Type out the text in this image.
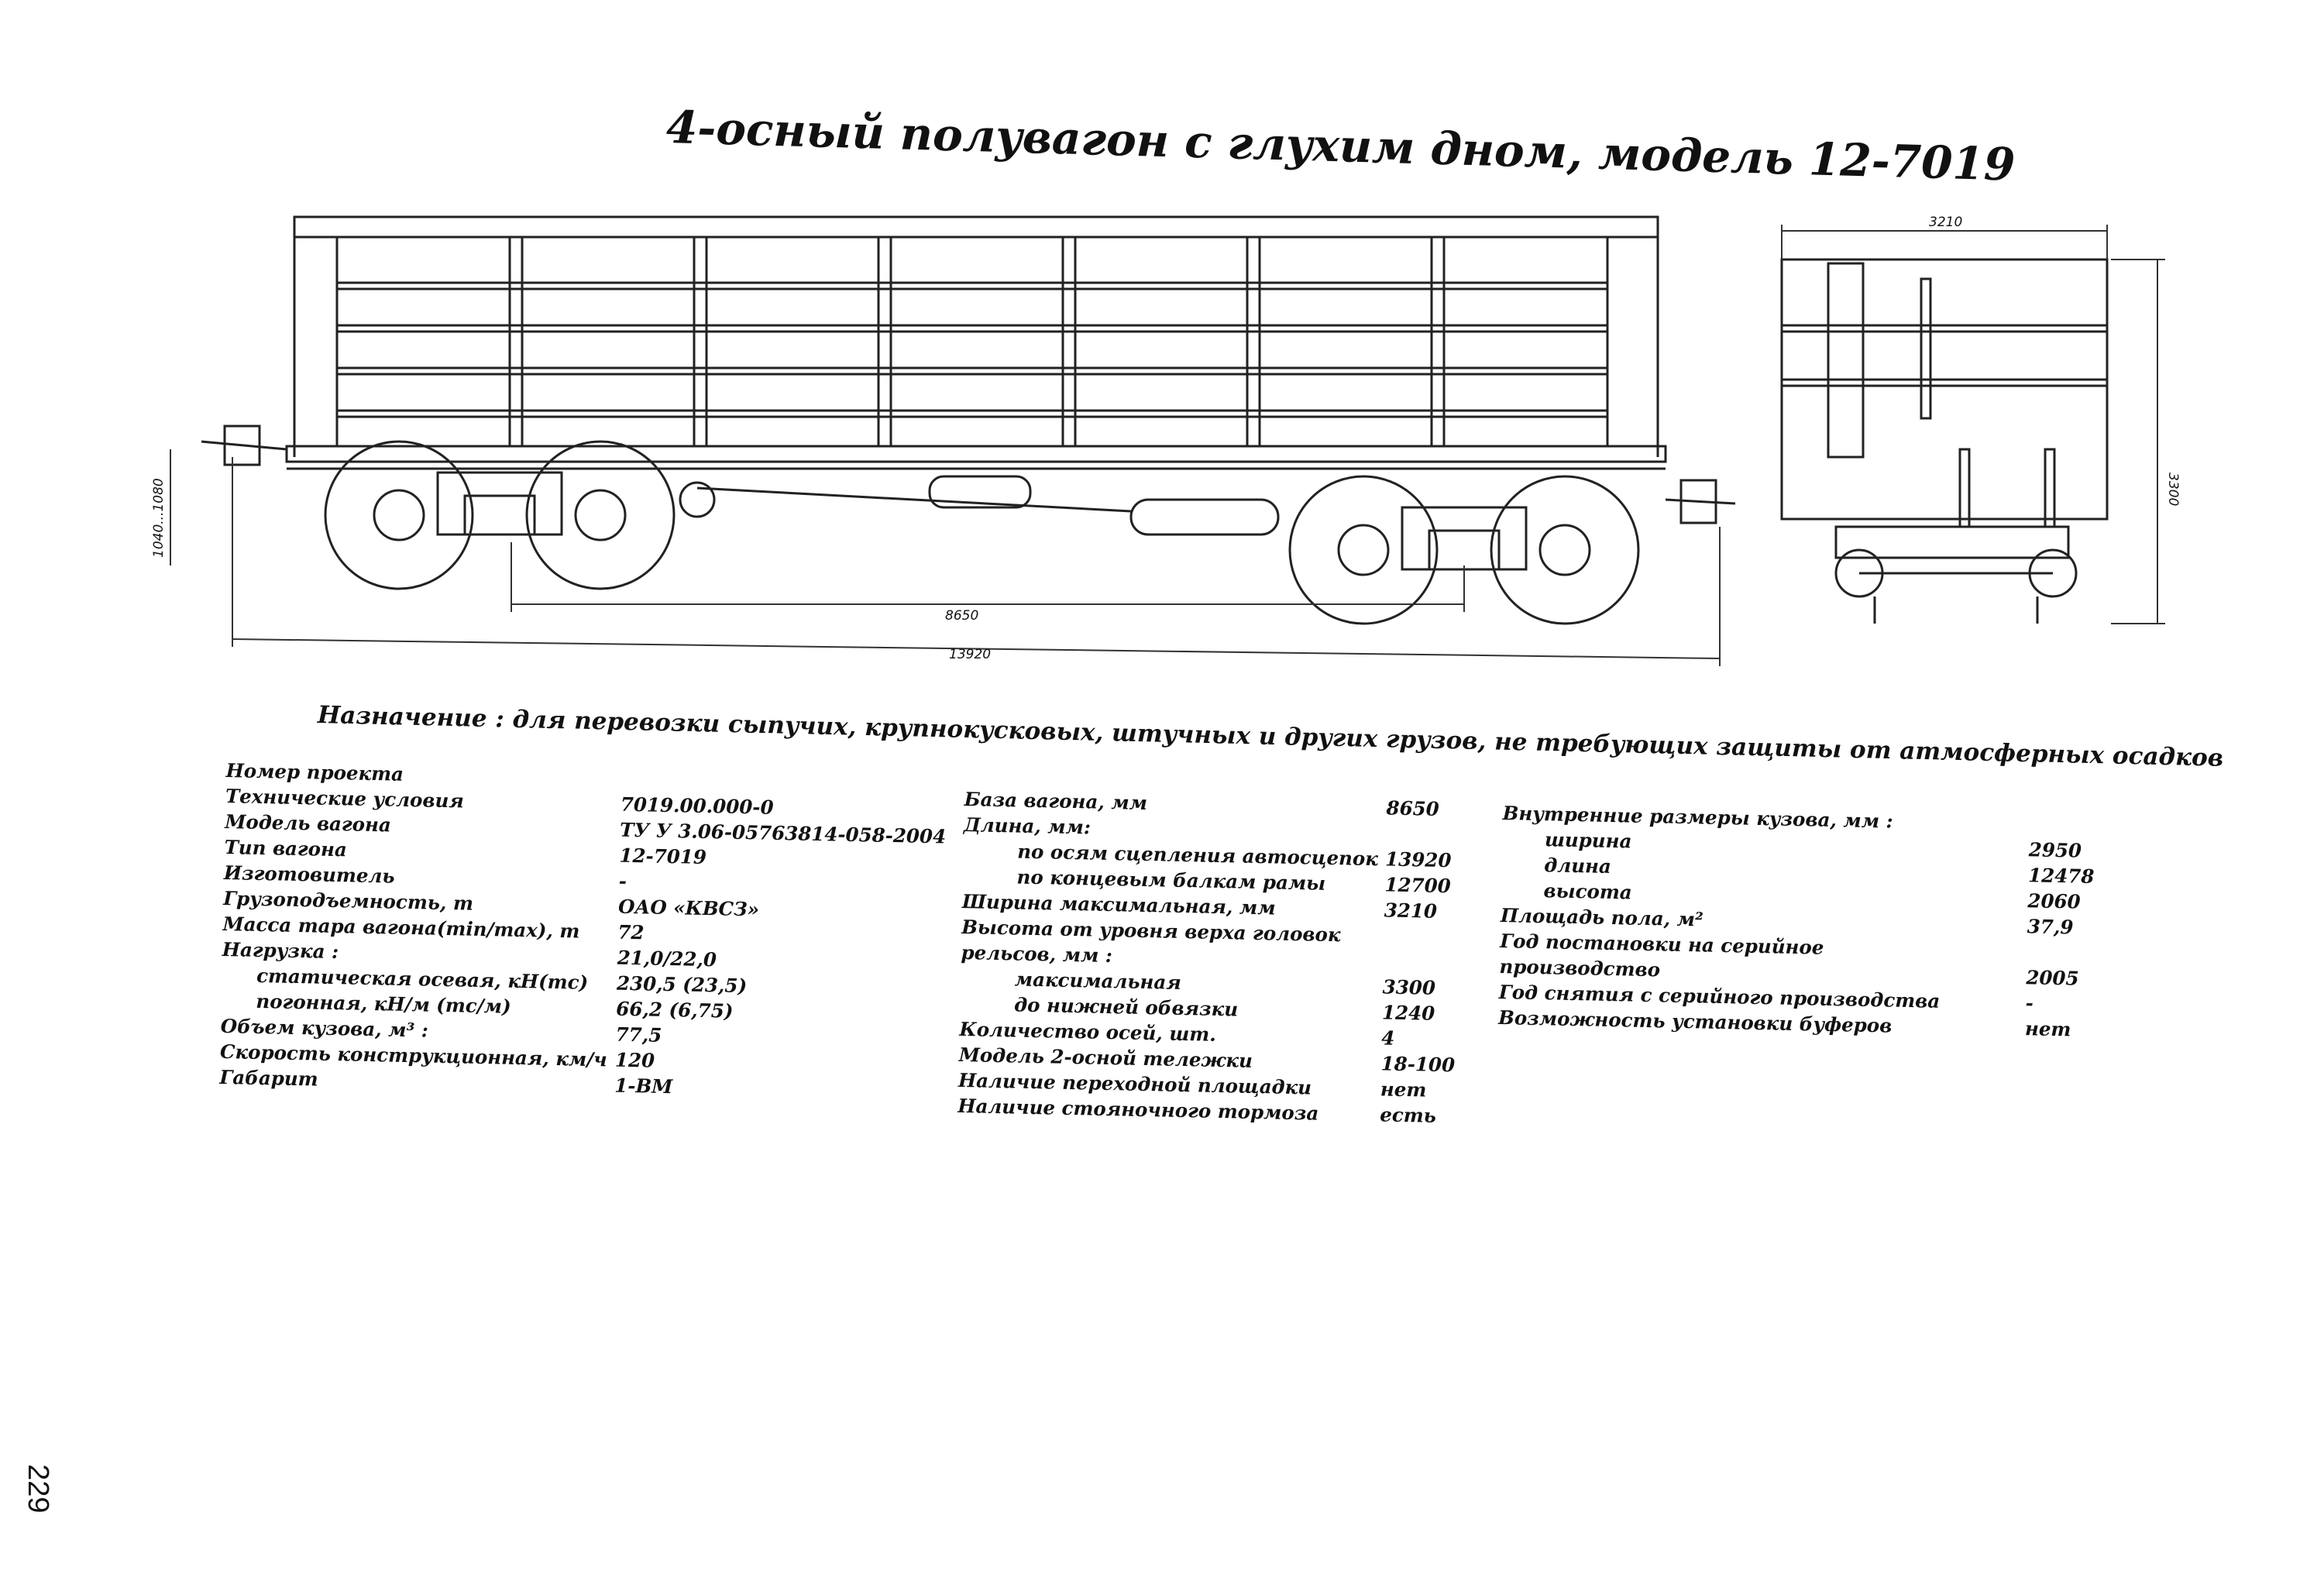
4-осный полувагон с глухим дном, модель 12-7019
8650
13920
1040...1080
3210
3300
Назначение : для перевозки сыпучих, крупнокусковых, штучных и других грузов, не требующих защиты от атмосферных осадков
Номер проекта
Технические условия	7019.00.000-0
Модель вагона	ТУ У 3.06-05763814-058-2004
Тип вагона	12-7019
Изготовитель	-
Грузоподъемность, т	ОАО «КВСЗ»
Масса тара вагона(min/max), т 72
Нагрузка :	21,0/22,0
статическая осевая, кН(тс) 230,5 (23,5)
погонная, кН/м (тс/м)	66,2 (6,75)
Объем кузова, м³ :	77,5
Скорость конструкционная, км/ч 120
Габарит	1-ВМ
База вагона, мм	8650
Длина, мм:
по осям сцепления автосцепок 13920
по концевым балкам рамы	12700
Ширина максимальная, мм	3210
Высота от уровня верха головок
рельсов, мм :
максимальная	3300
до нижней обвязки	1240
Количество осей, шт.	4
Модель 2-осной тележки	18-100
Наличие переходной площадки	нет
Наличие стояночного тормоза	есть
Внутренние размеры кузова, мм :
ширина	2950
длина	12478
высота	2060
Площадь пола, м²	37,9
Год постановки на серийное
производство	2005
Год снятия с серийного производства	-
Возможность установки буферов	нет
229
